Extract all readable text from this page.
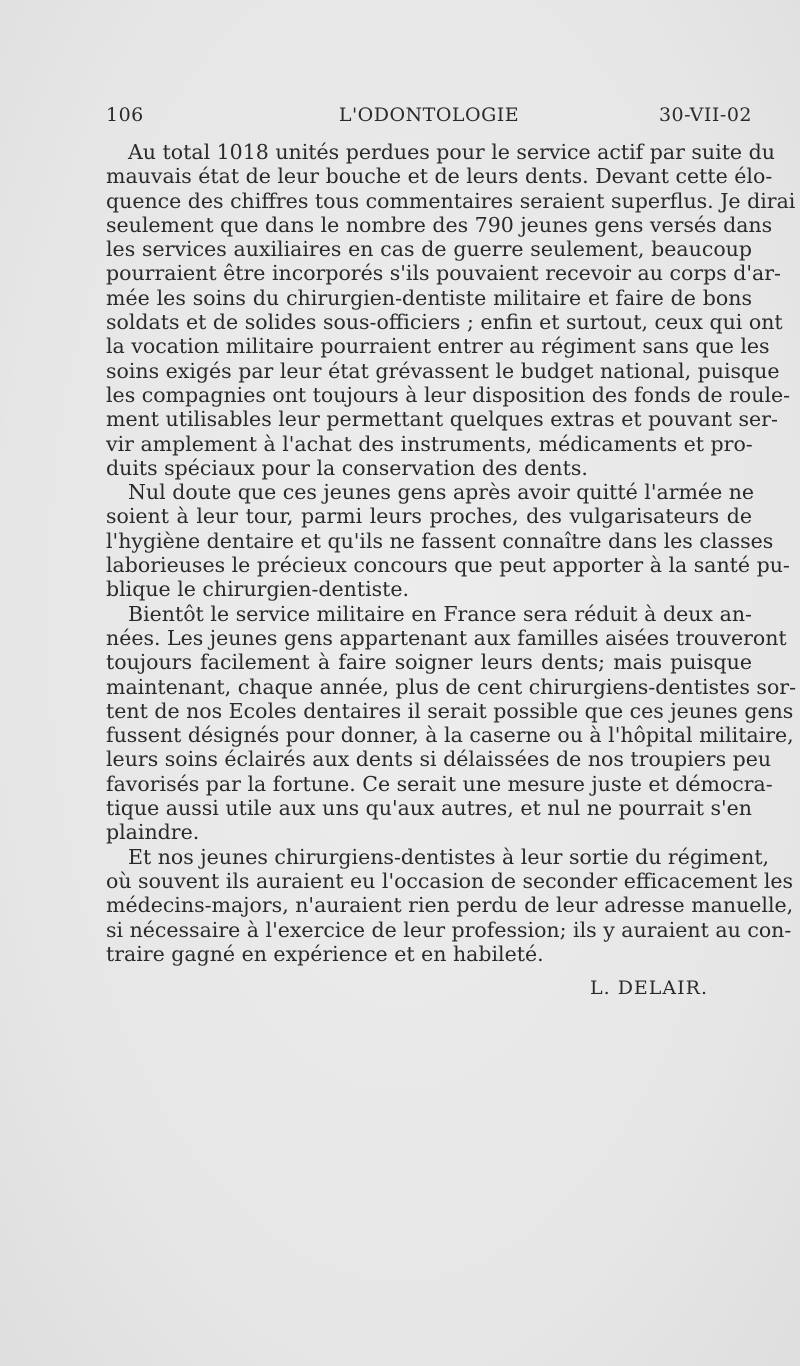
106	L'ODONTOLOGIE	30-VII-02
Au total 1018 unités perdues pour le service actif par suite du
mauvais état de leur bouche et de leurs dents. Devant cette élo-
quence des chiffres tous commentaires seraient superflus. Je dirai
seulement que dans le nombre des 790 jeunes gens versés dans
les services auxiliaires en cas de guerre seulement, beaucoup
pourraient être incorporés s'ils pouvaient recevoir au corps d'ar-
mée les soins du chirurgien-dentiste militaire et faire de bons
soldats et de solides sous-officiers ; enfin et surtout, ceux qui ont
la vocation militaire pourraient entrer au régiment sans que les
soins exigés par leur état grévassent le budget national, puisque
les compagnies ont toujours à leur disposition des fonds de roule-
ment utilisables leur permettant quelques extras et pouvant ser-
vir amplement à l'achat des instruments, médicaments et pro-
duits spéciaux pour la conservation des dents.
Nul doute que ces jeunes gens après avoir quitté l'armée ne
soient à leur tour, parmi leurs proches, des vulgarisateurs de
l'hygiène dentaire et qu'ils ne fassent connaître dans les classes
laborieuses le précieux concours que peut apporter à la santé pu-
blique le chirurgien-dentiste.
Bientôt le service militaire en France sera réduit à deux an-
nées. Les jeunes gens appartenant aux familles aisées trouveront
toujours facilement à faire soigner leurs dents; mais puisque
maintenant, chaque année, plus de cent chirurgiens-dentistes sor-
tent de nos Ecoles dentaires il serait possible que ces jeunes gens
fussent désignés pour donner, à la caserne ou à l'hôpital militaire,
leurs soins éclairés aux dents si délaissées de nos troupiers peu
favorisés par la fortune. Ce serait une mesure juste et démocra-
tique aussi utile aux uns qu'aux autres, et nul ne pourrait s'en
plaindre.
Et nos jeunes chirurgiens-dentistes à leur sortie du régiment,
où souvent ils auraient eu l'occasion de seconder efficacement les
médecins-majors, n'auraient rien perdu de leur adresse manuelle,
si nécessaire à l'exercice de leur profession; ils y auraient au con-
traire gagné en expérience et en habileté.
L. DELAIR.
